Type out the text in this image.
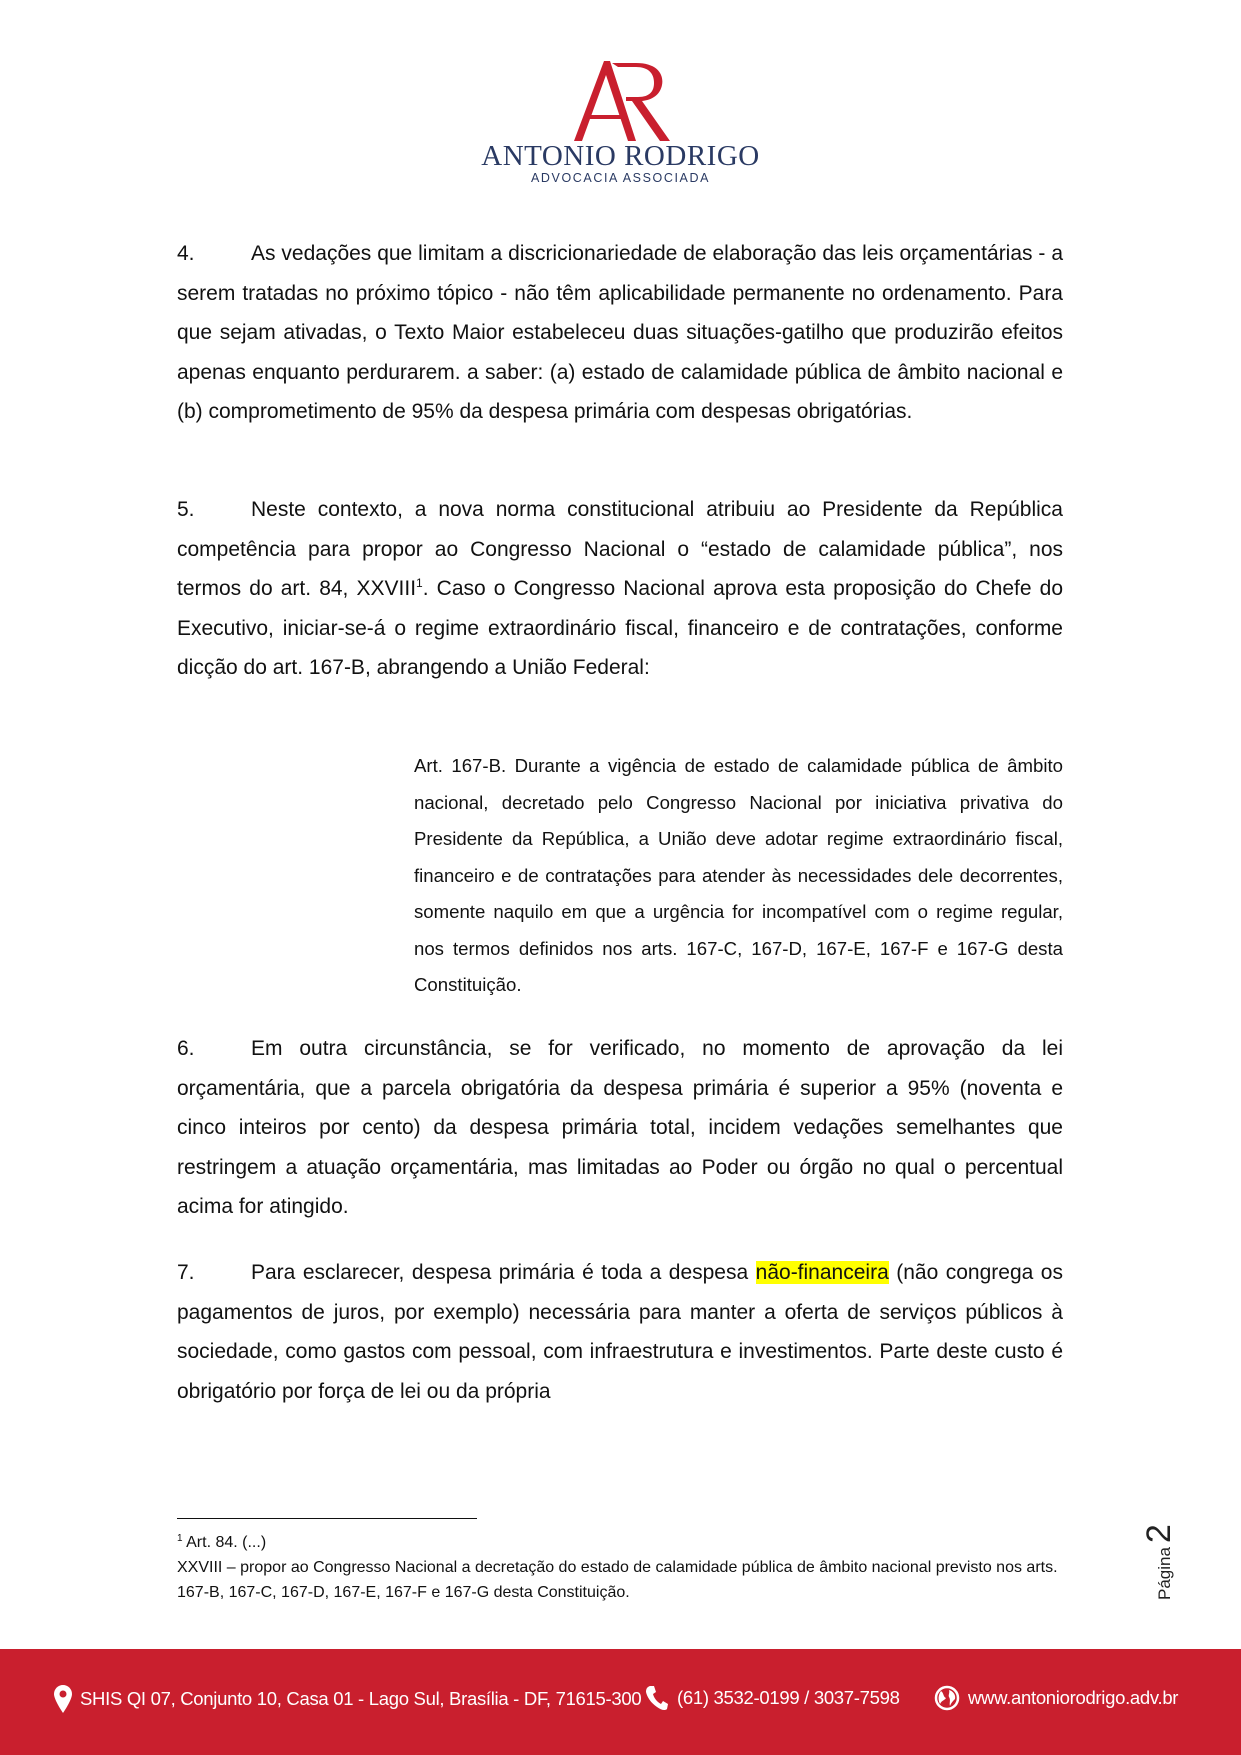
ANTONIO RODRIGO
ADVOCACIA ASSOCIADA

4.	As vedações que limitam a discricionariedade de elaboração das leis orçamentárias - a serem tratadas no próximo tópico - não têm aplicabilidade permanente no ordenamento. Para que sejam ativadas, o Texto Maior estabeleceu duas situações-gatilho que produzirão efeitos apenas enquanto perdurarem. a saber: (a) estado de calamidade pública de âmbito nacional e (b) comprometimento de 95% da despesa primária com despesas obrigatórias.

5.	Neste contexto, a nova norma constitucional atribuiu ao Presidente da República competência para propor ao Congresso Nacional o “estado de calamidade pública”, nos termos do art. 84, XXVIII$^1$. Caso o Congresso Nacional aprova esta proposição do Chefe do Executivo, iniciar-se-á o regime extraordinário fiscal, financeiro e de contratações, conforme dicção do art. 167-B, abrangendo a União Federal:

Art. 167-B. Durante a vigência de estado de calamidade pública de âmbito nacional, decretado pelo Congresso Nacional por iniciativa privativa do Presidente da República, a União deve adotar regime extraordinário fiscal, financeiro e de contratações para atender às necessidades dele decorrentes, somente naquilo em que a urgência for incompatível com o regime regular, nos termos definidos nos arts. 167-C, 167-D, 167-E, 167-F e 167-G desta Constituição.

6.	Em outra circunstância, se for verificado, no momento de aprovação da lei orçamentária, que a parcela obrigatória da despesa primária é superior a 95% (noventa e cinco inteiros por cento) da despesa primária total, incidem vedações semelhantes que restringem a atuação orçamentária, mas limitadas ao Poder ou órgão no qual o percentual acima for atingido.

7.	Para esclarecer, despesa primária é toda a despesa não-financeira (não congrega os pagamentos de juros, por exemplo) necessária para manter a oferta de serviços públicos à sociedade, como gastos com pessoal, com infraestrutura e investimentos. Parte deste custo é obrigatório por força de lei ou da própria

$^1$ Art. 84. (...)
XXVIII – propor ao Congresso Nacional a decretação do estado de calamidade pública de âmbito nacional previsto nos arts. 167-B, 167-C, 167-D, 167-E, 167-F e 167-G desta Constituição.	Página2
SHIS QI 07, Conjunto 10, Casa 01 - Lago Sul, Brasília - DF, 71615-300 (61) 3532-0199 / 3037-7598	www.antoniorodrigo.adv.br
